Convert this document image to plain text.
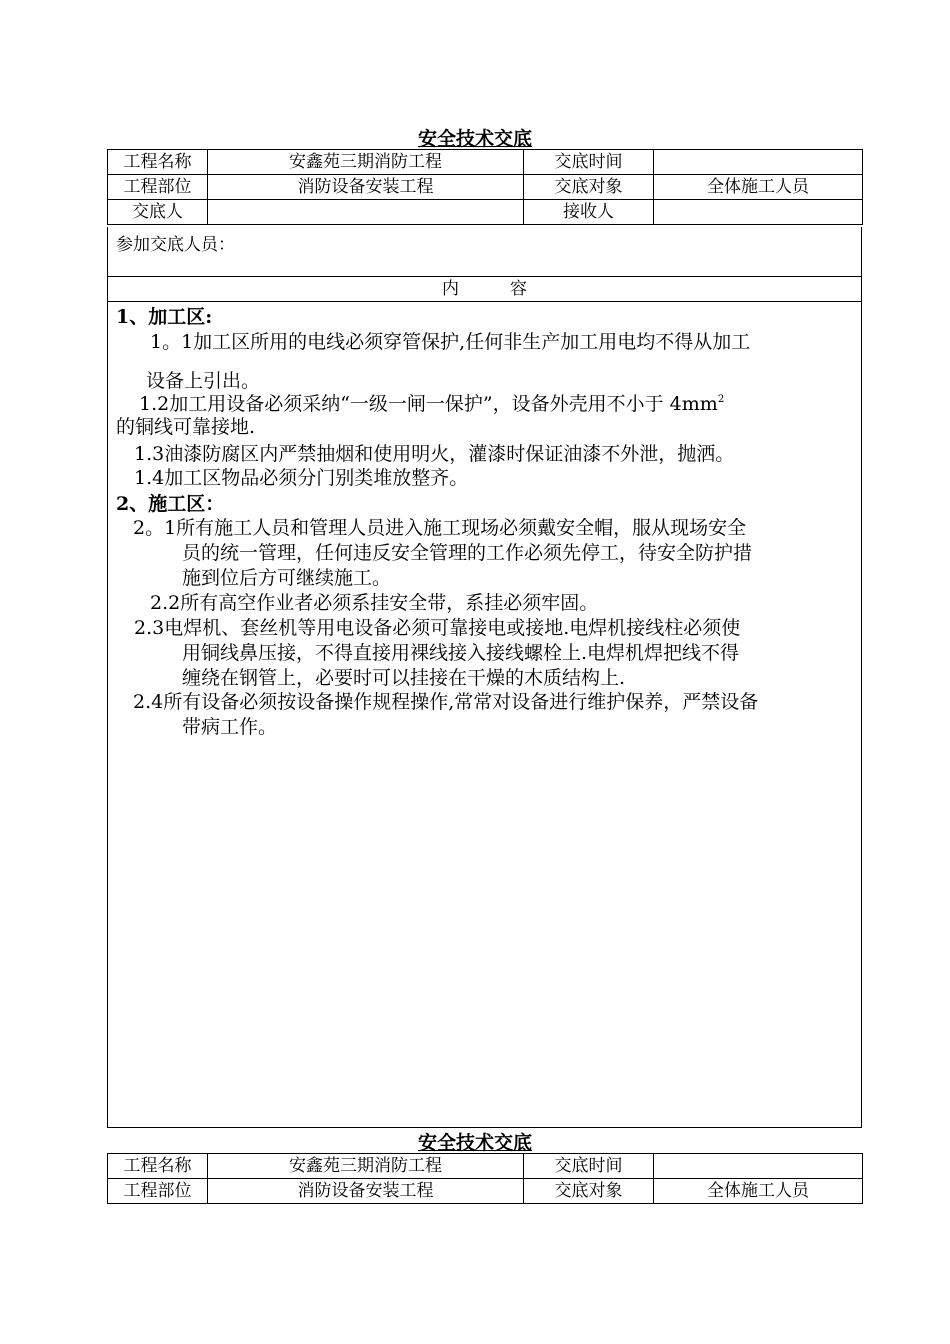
安全技术交底
工程名称	安鑫苑三期消防工程	交底时间	
工程部位	消防设备安装工程	交底对象	全体施工人员
交底人		接收人	
参加交底人员：
内　　　容
1、加工区:
1。1加工区所用的电线必须穿管保护,任何非生产加工用电均不得从加工
设备上引出。
1.2加工用设备必须采纳“一级一闸一保护”，设备外壳用不小于 $4mm^2$
的铜线可靠接地.
1.3油漆防腐区内严禁抽烟和使用明火，灌漆时保证油漆不外泄，抛洒。
1.4加工区物品必须分门别类堆放整齐。
2、施工区：
2。1所有施工人员和管理人员进入施工现场必须戴安全帽，服从现场安全
员的统一管理，任何违反安全管理的工作必须先停工，待安全防护措
施到位后方可继续施工。
2.2所有高空作业者必须系挂安全带，系挂必须牢固。
2.3电焊机、套丝机等用电设备必须可靠接电或接地.电焊机接线柱必须使
用铜线鼻压接，不得直接用裸线接入接线螺栓上.电焊机焊把线不得
缠绕在钢管上，必要时可以挂接在干燥的木质结构上.
2.4所有设备必须按设备操作规程操作,常常对设备进行维护保养，严禁设备
带病工作。
安全技术交底
工程名称	安鑫苑三期消防工程	交底时间	
工程部位	消防设备安装工程	交底对象	全体施工人员
